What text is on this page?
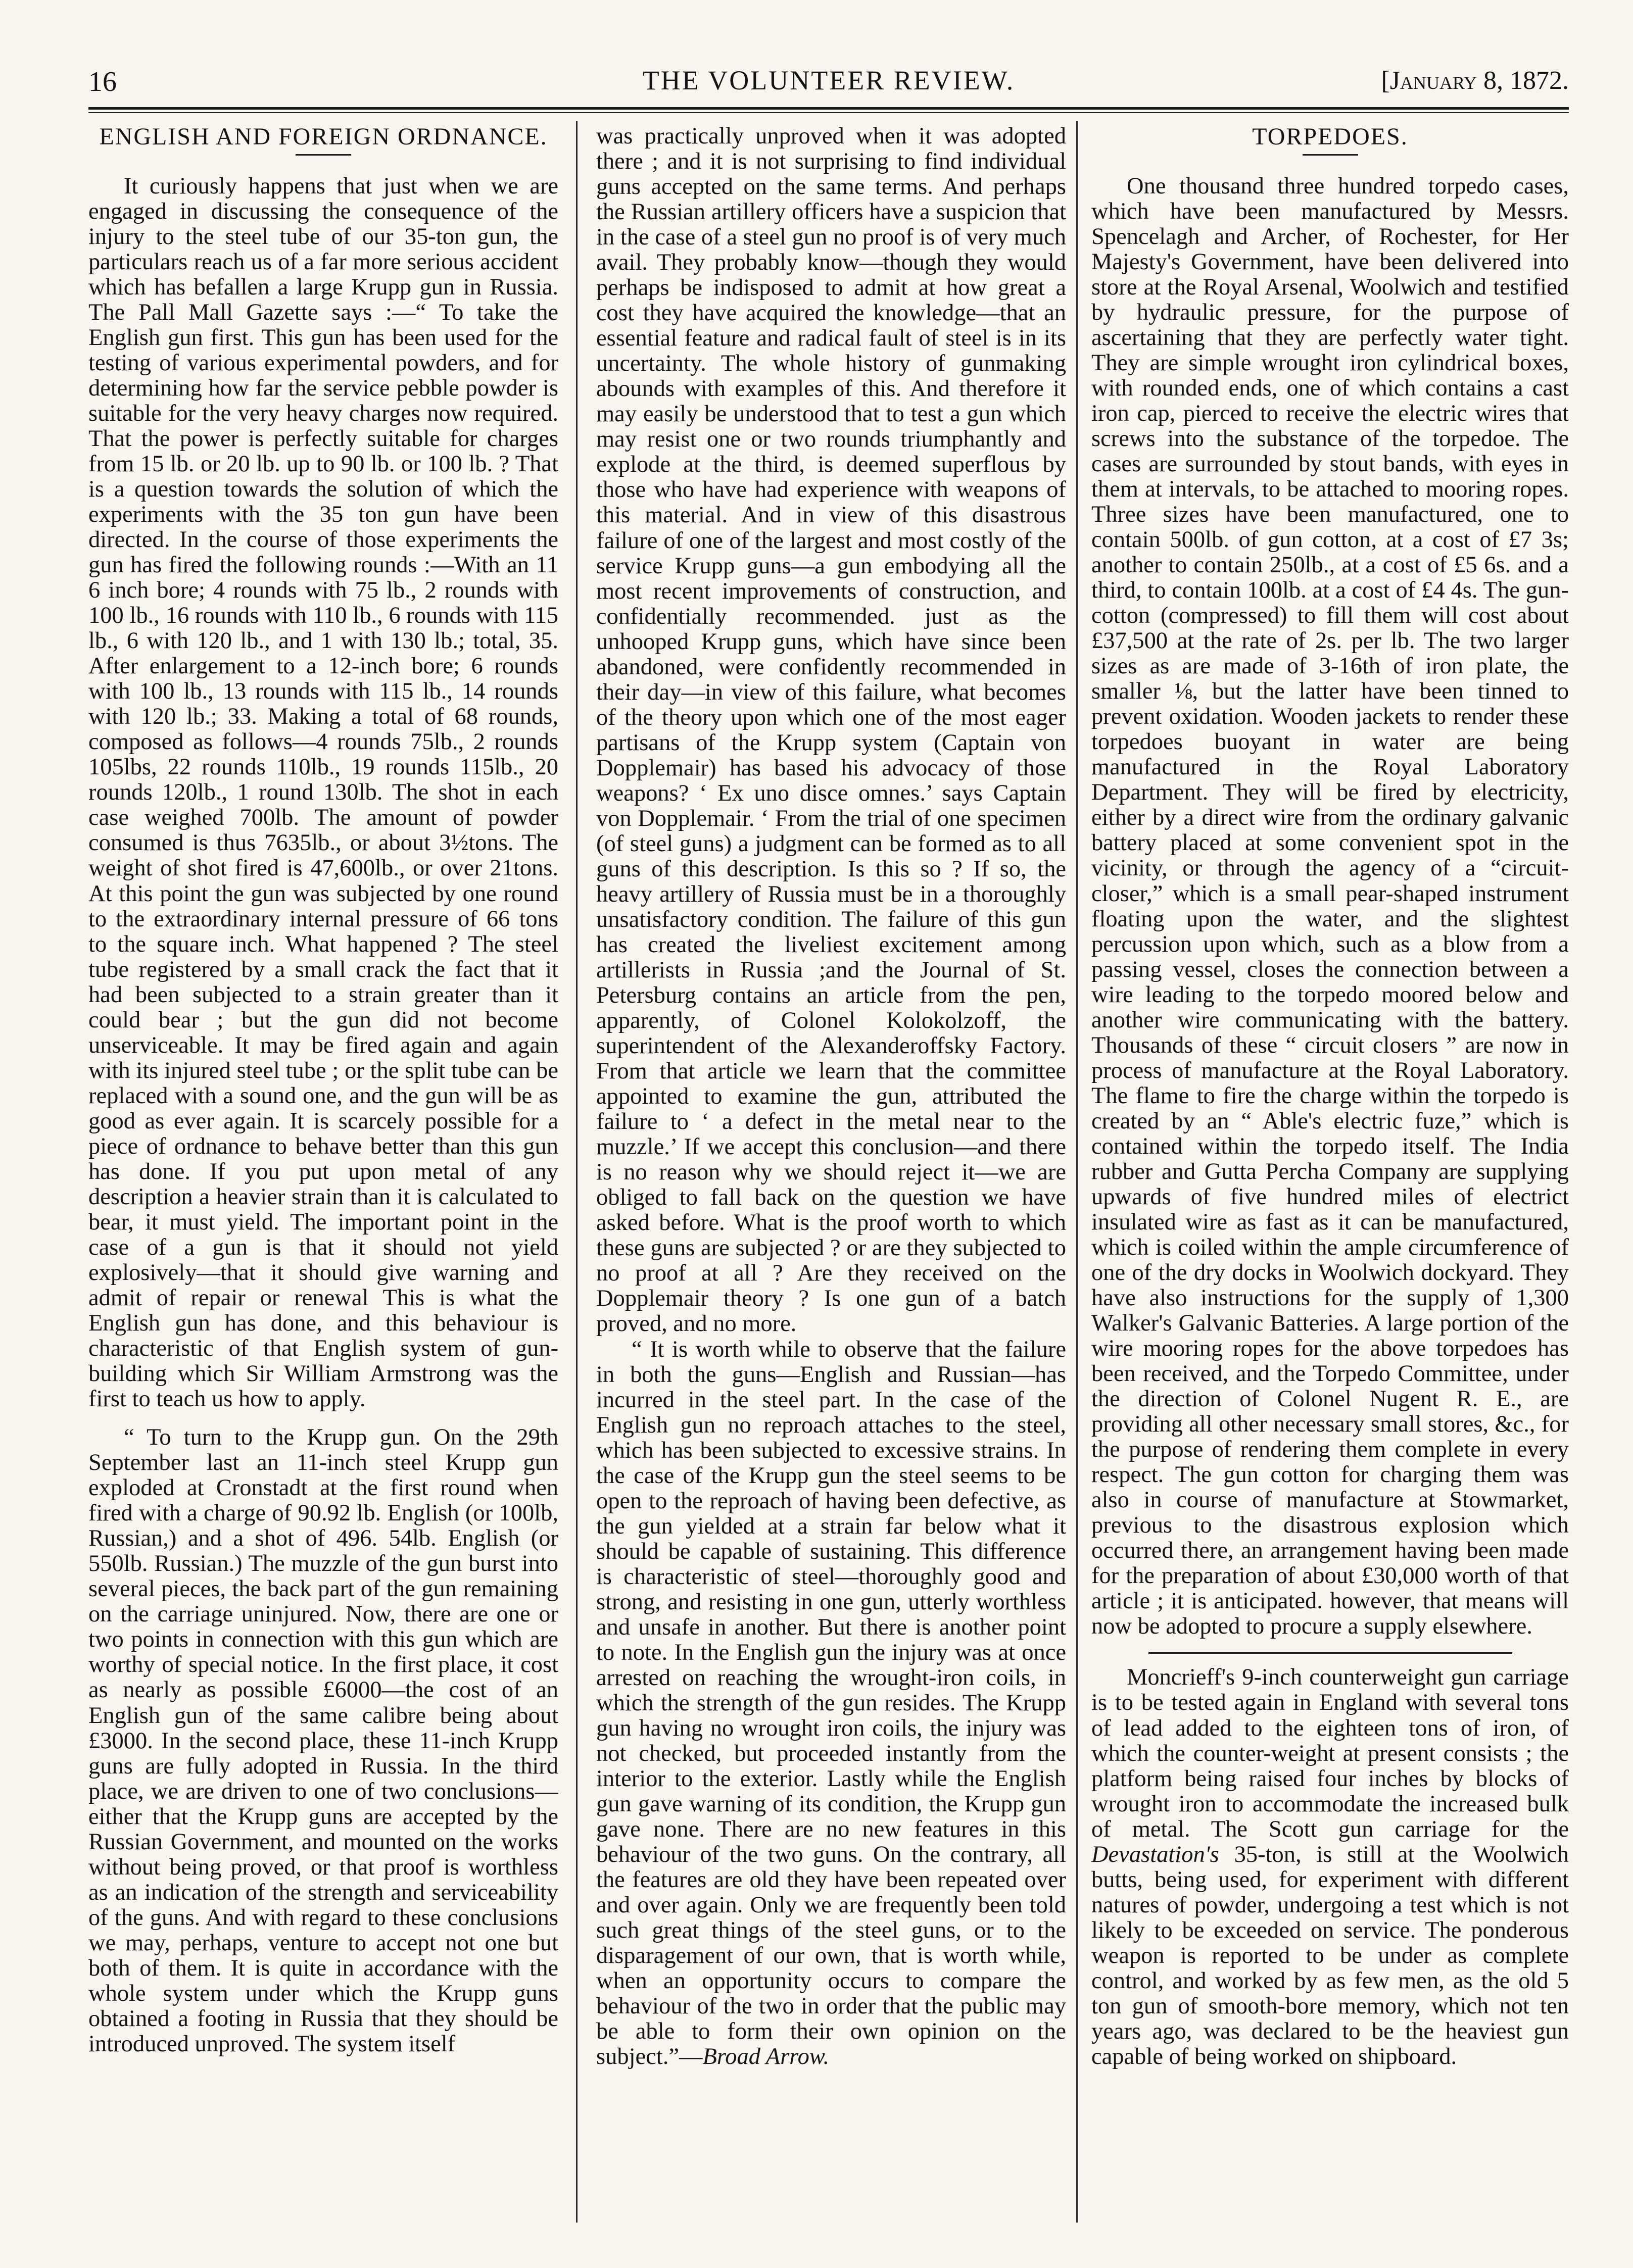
16	THE VOLUNTEER REVIEW.	[January 8, 1872.
ENGLISH AND FOREIGN ORDNANCE.

It curiously happens that just when we are engaged in discussing the consequence of the injury to the steel tube of our 35-ton gun, the particulars reach us of a far more serious accident which has befallen a large Krupp gun in Russia. The Pall Mall Gazette says :—“ To take the English gun first. This gun has been used for the testing of various experimental powders, and for determining how far the service pebble powder is suitable for the very heavy charges now required. That the power is perfectly suitable for charges from 15 lb. or 20 lb. up to 90 lb. or 100 lb. ? That is a question towards the solution of which the experiments with the 35 ton gun have been directed. In the course of those experiments the gun has fired the following rounds :—With an 11 6 inch bore; 4 rounds with 75 lb., 2 rounds with 100 lb., 16 rounds with 110 lb., 6 rounds with 115 lb., 6 with 120 lb., and 1 with 130 lb.; total, 35. After enlargement to a 12-inch bore; 6 rounds with 100 lb., 13 rounds with 115 lb., 14 rounds with 120 lb.; 33. Making a total of 68 rounds, composed as follows—4 rounds 75lb., 2 rounds 105lbs, 22 rounds 110lb., 19 rounds 115lb., 20 rounds 120lb., 1 round 130lb. The shot in each case weighed 700lb. The amount of powder consumed is thus 7635lb., or about 3½tons. The weight of shot fired is 47,600lb., or over 21tons. At this point the gun was subjected by one round to the extraordinary internal pressure of 66 tons to the square inch. What happened ? The steel tube registered by a small crack the fact that it had been subjected to a strain greater than it could bear ; but the gun did not become unserviceable. It may be fired again and again with its injured steel tube ; or the split tube can be replaced with a sound one, and the gun will be as good as ever again. It is scarcely possible for a piece of ordnance to behave better than this gun has done. If you put upon metal of any description a heavier strain than it is calculated to bear, it must yield. The important point in the case of a gun is that it should not yield explosively—that it should give warning and admit of repair or renewal This is what the English gun has done, and this behaviour is characteristic of that English system of gun-building which Sir William Armstrong was the first to teach us how to apply.

“ To turn to the Krupp gun. On the 29th September last an 11-inch steel Krupp gun exploded at Cronstadt at the first round when fired with a charge of 90.92 lb. English (or 100lb, Russian,) and a shot of 496. 54lb. English (or 550lb. Russian.) The muzzle of the gun burst into several pieces, the back part of the gun remaining on the carriage uninjured. Now, there are one or two points in connection with this gun which are worthy of special notice. In the first place, it cost as nearly as possible £6000—the cost of an English gun of the same calibre being about £3000. In the second place, these 11-inch Krupp guns are fully adopted in Russia. In the third place, we are driven to one of two conclusions—either that the Krupp guns are accepted by the Russian Government, and mounted on the works without being proved, or that proof is worthless as an indication of the strength and serviceability of the guns. And with regard to these conclusions we may, perhaps, venture to accept not one but both of them. It is quite in accordance with the whole system under which the Krupp guns obtained a footing in Russia that they should be introduced unproved. The system itself

was practically unproved when it was adopted there ; and it is not surprising to find individual guns accepted on the same terms. And perhaps the Russian artillery officers have a suspicion that in the case of a steel gun no proof is of very much avail. They probably know—though they would perhaps be indisposed to admit at how great a cost they have acquired the knowledge—that an essential feature and radical fault of steel is in its uncertainty. The whole history of gunmaking abounds with examples of this. And therefore it may easily be understood that to test a gun which may resist one or two rounds triumphantly and explode at the third, is deemed superflous by those who have had experience with weapons of this material. And in view of this disastrous failure of one of the largest and most costly of the service Krupp guns—a gun embodying all the most recent improvements of construction, and confidentially recommended. just as the unhooped Krupp guns, which have since been abandoned, were confidently recommended in their day—in view of this failure, what becomes of the theory upon which one of the most eager partisans of the Krupp system (Captain von Dopplemair) has based his advocacy of those weapons? ‘ Ex uno disce omnes.’ says Captain von Dopplemair. ‘ From the trial of one specimen (of steel guns) a judgment can be formed as to all guns of this description. Is this so ? If so, the heavy artillery of Russia must be in a thoroughly unsatisfactory condition. The failure of this gun has created the liveliest excitement among artillerists in Russia ;and the Journal of St. Petersburg contains an article from the pen, apparently, of Colonel Kolokolzoff, the superintendent of the Alexanderoffsky Factory. From that article we learn that the committee appointed to examine the gun, attributed the failure to ‘ a defect in the metal near to the muzzle.’ If we accept this conclusion—and there is no reason why we should reject it—we are obliged to fall back on the question we have asked before. What is the proof worth to which these guns are subjected ? or are they subjected to no proof at all ? Are they received on the Dopplemair theory ? Is one gun of a batch proved, and no more.

“ It is worth while to observe that the failure in both the guns—English and Russian—has incurred in the steel part. In the case of the English gun no reproach attaches to the steel, which has been subjected to excessive strains. In the case of the Krupp gun the steel seems to be open to the reproach of having been defective, as the gun yielded at a strain far below what it should be capable of sustaining. This difference is characteristic of steel—thoroughly good and strong, and resisting in one gun, utterly worthless and unsafe in another. But there is another point to note. In the English gun the injury was at once arrested on reaching the wrought-iron coils, in which the strength of the gun resides. The Krupp gun having no wrought iron coils, the injury was not checked, but proceeded instantly from the interior to the exterior. Lastly while the English gun gave warning of its condition, the Krupp gun gave none. There are no new features in this behaviour of the two guns. On the contrary, all the features are old they have been repeated over and over again. Only we are frequently been told such great things of the steel guns, or to the disparagement of our own, that is worth while, when an opportunity occurs to compare the behaviour of the two in order that the public may be able to form their own opinion on the subject.”—Broad Arrow.

TORPEDOES.

One thousand three hundred torpedo cases, which have been manufactured by Messrs. Spencelagh and Archer, of Rochester, for Her Majesty's Government, have been delivered into store at the Royal Arsenal, Woolwich and testified by hydraulic pressure, for the purpose of ascertaining that they are perfectly water tight. They are simple wrought iron cylindrical boxes, with rounded ends, one of which contains a cast iron cap, pierced to receive the electric wires that screws into the substance of the torpedoe. The cases are surrounded by stout bands, with eyes in them at intervals, to be attached to mooring ropes. Three sizes have been manufactured, one to contain 500lb. of gun cotton, at a cost of £7 3s; another to contain 250lb., at a cost of £5 6s. and a third, to contain 100lb. at a cost of £4 4s. The gun-cotton (compressed) to fill them will cost about £37,500 at the rate of 2s. per lb. The two larger sizes as are made of 3-16th of iron plate, the smaller ⅛, but the latter have been tinned to prevent oxidation. Wooden jackets to render these torpedoes buoyant in water are being manufactured in the Royal Laboratory Department. They will be fired by electricity, either by a direct wire from the ordinary galvanic battery placed at some convenient spot in the vicinity, or through the agency of a “circuit-closer,” which is a small pear-shaped instrument floating upon the water, and the slightest percussion upon which, such as a blow from a passing vessel, closes the connection between a wire leading to the torpedo moored below and another wire communicating with the battery. Thousands of these “ circuit closers ” are now in process of manufacture at the Royal Laboratory. The flame to fire the charge within the torpedo is created by an “ Able's electric fuze,” which is contained within the torpedo itself. The India rubber and Gutta Percha Company are supplying upwards of five hundred miles of electrict insulated wire as fast as it can be manufactured, which is coiled within the ample circumference of one of the dry docks in Woolwich dockyard. They have also instructions for the supply of 1,300 Walker's Galvanic Batteries. A large portion of the wire mooring ropes for the above torpedoes has been received, and the Torpedo Committee, under the direction of Colonel Nugent R. E., are providing all other necessary small stores, &c., for the purpose of rendering them complete in every respect. The gun cotton for charging them was also in course of manufacture at Stowmarket, previous to the disastrous explosion which occurred there, an arrangement having been made for the preparation of about £30,000 worth of that article ; it is anticipated. however, that means will now be adopted to procure a supply elsewhere.

Moncrieff's 9-inch counterweight gun carriage is to be tested again in England with several tons of lead added to the eighteen tons of iron, of which the counter-weight at present consists ; the platform being raised four inches by blocks of wrought iron to accommodate the increased bulk of metal. The Scott gun carriage for the Devastation's 35-ton, is still at the Woolwich butts, being used, for experiment with different natures of powder, undergoing a test which is not likely to be exceeded on service. The ponderous weapon is reported to be under as complete control, and worked by as few men, as the old 5 ton gun of smooth-bore memory, which not ten years ago, was declared to be the heaviest gun capable of being worked on shipboard.
